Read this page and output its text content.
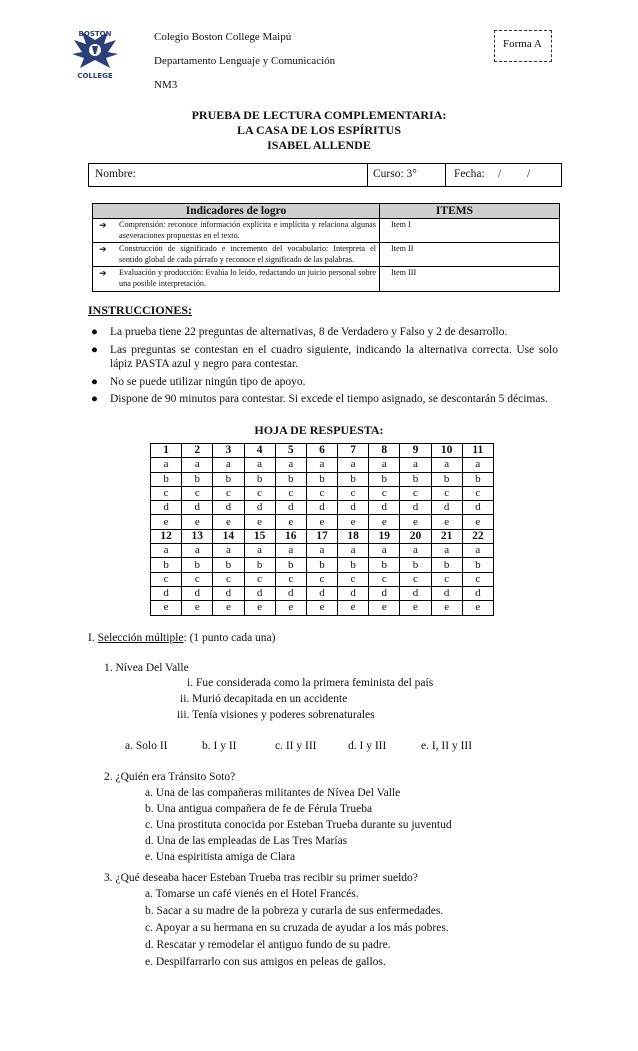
BOSTON
COLLEGE
Colegio Boston College Maipú
Departamento Lenguaje y Comunicación
NM3
Forma A
PRUEBA DE LECTURA COMPLEMENTARIA:
LA CASA DE LOS ESPÍRITUS
ISABEL ALLENDE
Nombre:	Curso: 3°	Fecha:	/	/
Indicadores de logro	ITEMS

➔ Comprensión: reconoce información explícita e implícita y relaciona algunas aseveraciones propuestas en el texto.	Item I

➔ Construcción de significado e incremento del vocabulario: Interpreta el sentido global de cada párrafo y reconoce el significado de las palabras.	Item II

➔ Evaluación y producción: Evalúa lo leído, redactando un juicio personal sobre una posible interpretación.	Item III
INSTRUCCIONES:
● La prueba tiene 22 preguntas de alternativas, 8 de Verdadero y Falso y 2 de desarrollo.
● Las preguntas se contestan en el cuadro siguiente, indicando la alternativa correcta. Use solo lápiz PASTA azul y negro para contestar.
● No se puede utilizar ningún tipo de apoyo.
● Dispone de 90 minutos para contestar. Si excede el tiempo asignado, se descontarán 5 décimas.
HOJA DE RESPUESTA:
1	2	3	4	5	6	7	8	9	10	11
a	a	a	a	a	a	a	a	a	a	a
b	b	b	b	b	b	b	b	b	b	b
c	c	c	c	c	c	c	c	c	c	c
d	d	d	d	d	d	d	d	d	d	d
e	e	e	e	e	e	e	e	e	e	e
12	13	14	15	16	17	18	19	20	21	22
a	a	a	a	a	a	a	a	a	a	a
b	b	b	b	b	b	b	b	b	b	b
c	c	c	c	c	c	c	c	c	c	c
d	d	d	d	d	d	d	d	d	d	d
e	e	e	e	e	e	e	e	e	e	e
I. Selección múltiple: (1 punto cada una)
1. Nívea Del Valle
i. Fue considerada como la primera feminista del país
ii. Murió decapitada en un accidente
iii. Tenía visiones y poderes sobrenaturales
a. Solo II	b. I y II	c. II y III	d. I y III	e. I, II y III
2. ¿Quién era Tránsito Soto?
a. Una de las compañeras militantes de Nívea Del Valle
b. Una antigua compañera de fe de Férula Trueba
c. Una prostituta conocida por Esteban Trueba durante su juventud
d. Una de las empleadas de Las Tres Marías
e. Una espiritista amiga de Clara
3. ¿Qué deseaba hacer Esteban Trueba tras recibir su primer sueldo?
a. Tomarse un café vienés en el Hotel Francés.
b. Sacar a su madre de la pobreza y curarla de sus enfermedades.
c. Apoyar a su hermana en su cruzada de ayudar a los más pobres.
d. Rescatar y remodelar el antiguo fundo de su padre.
e. Despilfarrarlo con sus amigos en peleas de gallos.
